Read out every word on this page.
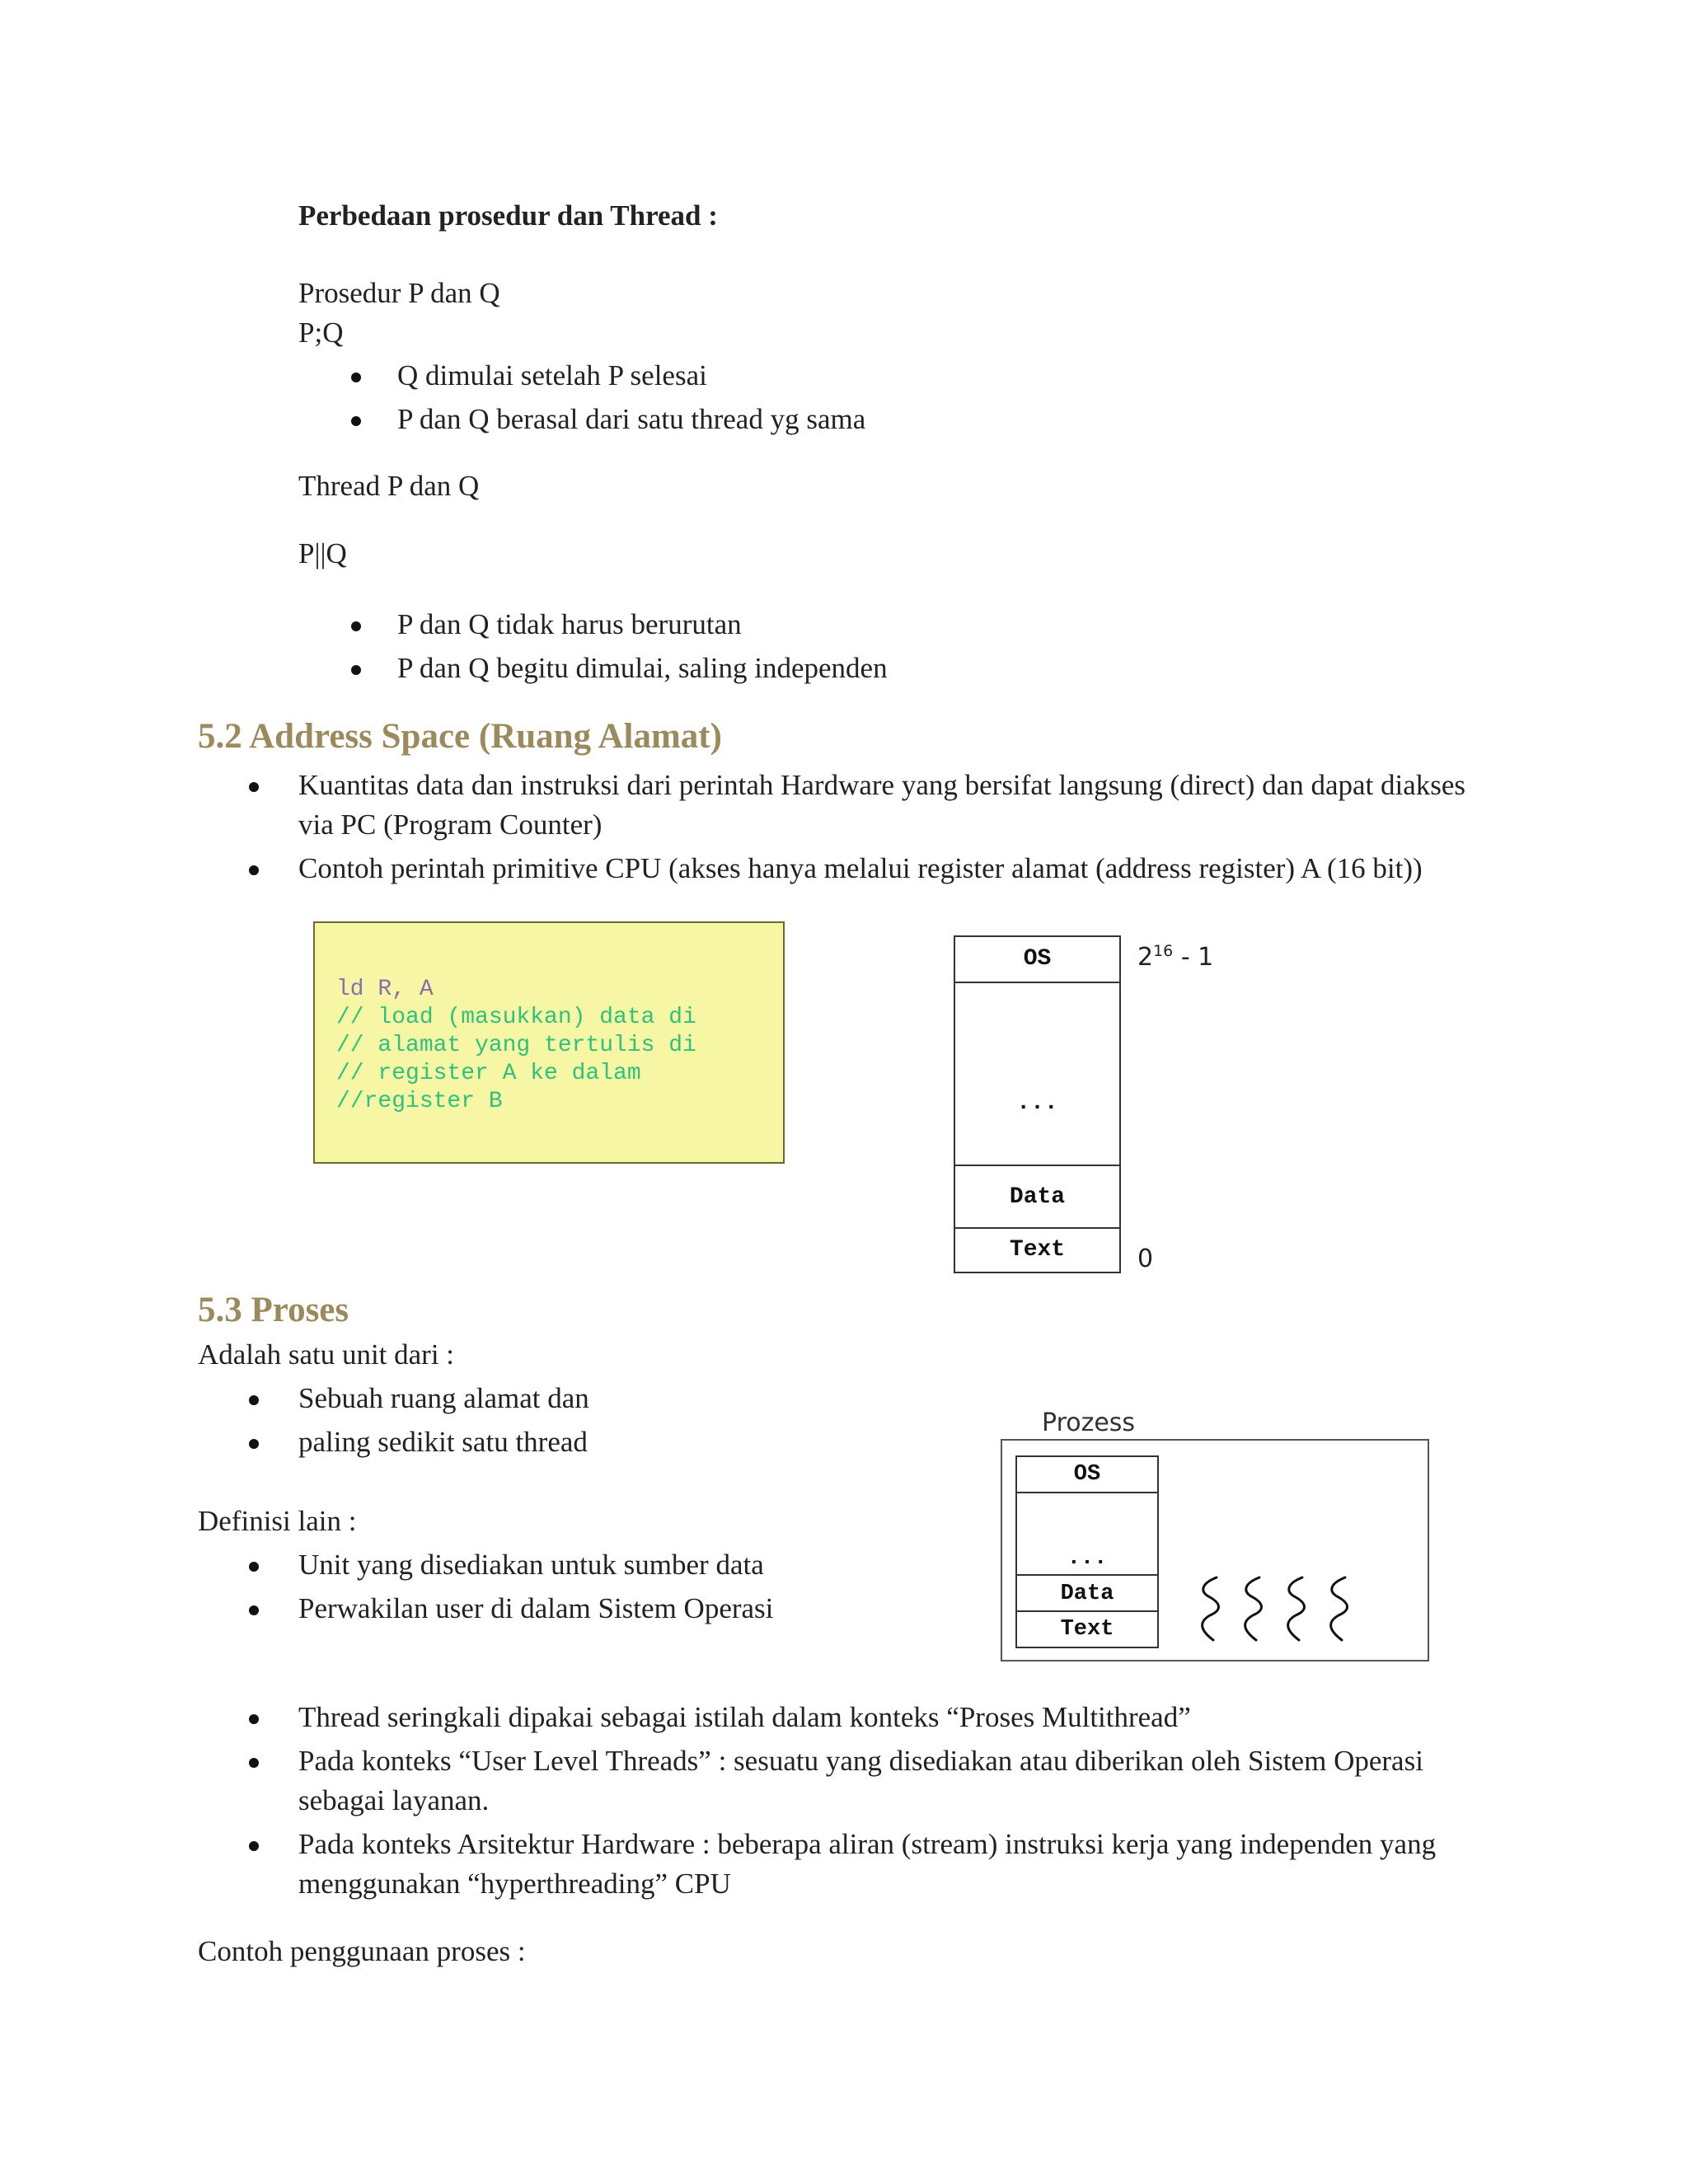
Perbedaan prosedur dan Thread :
Prosedur P dan Q
P;Q
Q dimulai setelah P selesai
P dan Q berasal dari satu thread yg sama
Thread P dan Q
P||Q
P dan Q tidak harus berurutan
P dan Q begitu dimulai, saling independen
5.2 Address Space (Ruang Alamat)
Kuantitas data dan instruksi dari perintah Hardware yang bersifat langsung (direct) dan dapat diakses via PC (Program Counter)
Contoh perintah primitive CPU (akses hanya melalui register alamat (address register) A (16 bit))
ld R, A
// load (masukkan) data di
// alamat yang tertulis di
// register A ke dalam
//register B
OS
...
Data
Text
$2^{16} - 1$
0
5.3 Proses
Adalah satu unit dari :
Sebuah ruang alamat dan
paling sedikit satu thread
Definisi lain :
Unit yang disediakan untuk sumber data
Perwakilan user di dalam Sistem Operasi
Prozess
OS
...
Data
Text
Thread seringkali dipakai sebagai istilah dalam konteks “Proses Multithread”
Pada konteks “User Level Threads” : sesuatu yang disediakan atau diberikan oleh Sistem Operasi sebagai layanan.
Pada konteks Arsitektur Hardware : beberapa aliran (stream) instruksi kerja yang independen yang menggunakan “hyperthreading” CPU
Contoh penggunaan proses :
